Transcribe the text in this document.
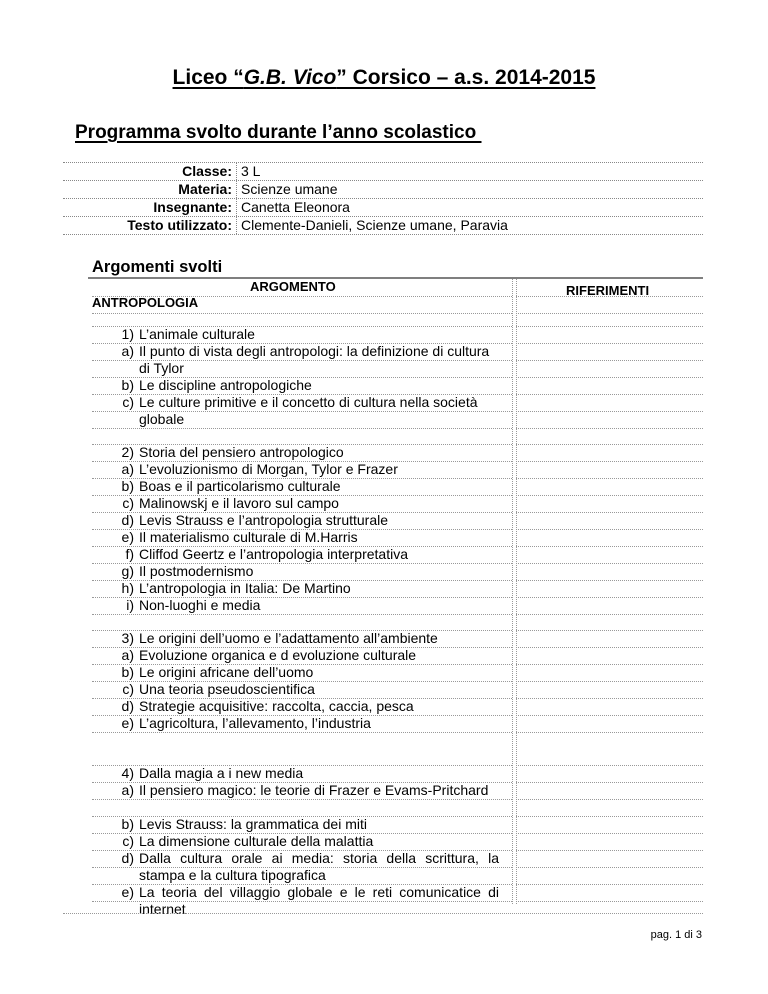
Liceo “G.B. Vico” Corsico – a.s. 2014-2015
Programma svolto durante l’anno scolastico
Classe: 3 L
Materia: Scienze umane
Insegnante: Canetta Eleonora
Testo utilizzato: Clemente-Danieli, Scienze umane, Paravia
Argomenti svolti
ARGOMENTO	RIFERIMENTI
ANTROPOLOGIA
1) L’animale culturale
a) Il punto di vista degli antropologi: la definizione di cultura di Tylor
b) Le discipline antropologiche
c) Le culture primitive e il concetto di cultura nella società globale
2) Storia del pensiero antropologico
a) L’evoluzionismo di Morgan, Tylor e Frazer
b) Boas e il particolarismo culturale
c) Malinowskj e il lavoro sul campo
d) Levis Strauss e l’antropologia strutturale
e) Il materialismo culturale di M.Harris
f) Cliffod Geertz e l’antropologia interpretativa
g) Il postmodernismo
h) L’antropologia in Italia: De Martino
i) Non-luoghi e media
3) Le origini dell’uomo e l’adattamento all’ambiente
a) Evoluzione organica e d evoluzione culturale
b) Le origini africane dell’uomo
c) Una teoria pseudoscientifica
d) Strategie acquisitive: raccolta, caccia, pesca
e) L’agricoltura, l’allevamento, l’industria
4) Dalla magia a i new media
a) Il pensiero magico: le teorie di Frazer e Evams-Pritchard
b) Levis Strauss: la grammatica dei miti
c) La dimensione culturale della malattia
d) Dalla cultura orale ai media: storia della scrittura, la stampa e la cultura tipografica
e) La teoria del villaggio globale e le reti comunicatice di internet
pag. 1 di 3
